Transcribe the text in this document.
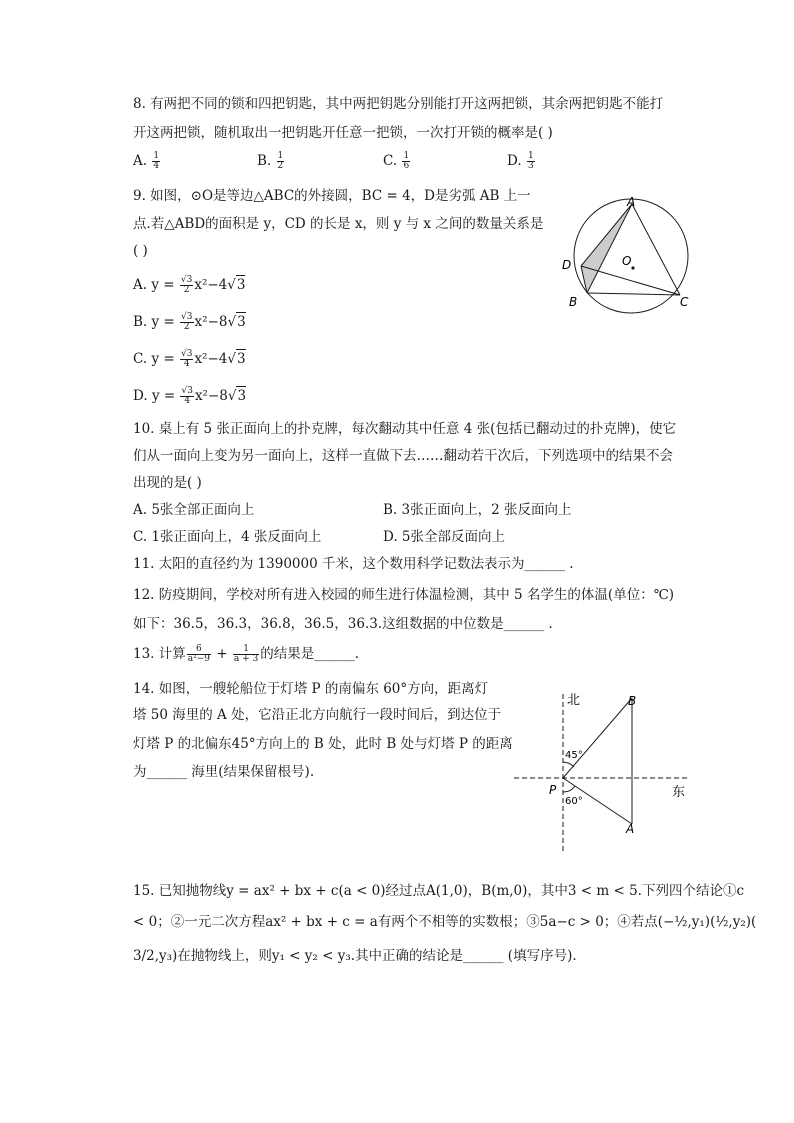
8. 有两把不同的锁和四把钥匙，其中两把钥匙分别能打开这两把锁，其余两把钥匙不能打
开这两把锁，随机取出一把钥匙开任意一把锁，一次打开锁的概率是( )
A. $\frac{1}{4}$	B. $\frac{1}{2}$	C. $\frac{1}{6}$	D. $\frac{1}{3}$
9. 如图，⊙O是等边△ABC的外接圆，BC = 4，D是劣弧 AB 上一
点.若△ABD的面积是 y，CD 的长是 x，则 y 与 x 之间的数量关系是
( )
A. $y = \frac{√3}{2} x^2-4√$ 3
B. $y = \frac{√3}{2} x^2-8√$ 3
C. $y = \frac{√3}{4} x^2-4√$ 3
D. $y = \frac{√3}{4} x^2-8√$ 3
A
D
B	C
O
10. 桌上有 5 张正面向上的扑克牌，每次翻动其中任意 4 张(包括已翻动过的扑克牌)，使它
们从一面向上变为另一面向上，这样一直做下去……翻动若干次后，下列选项中的结果不会
出现的是( )
A. 5张全部正面向上	B. 3张正面向上，2 张反面向上
C. 1张正面向上，4 张反面向上	D. 5张全部反面向上
11. 太阳的直径约为 1390000 千米，这个数用科学记数法表示为______ .
12. 防疫期间，学校对所有进入校园的师生进行体温检测，其中 5 名学生的体温(单位：℃)
如下：36.5，36.3，36.8，36.5，36.3.这组数据的中位数是______ .
13. 计算 $\frac{6}{\text{a²−9}} + \frac{1}{a + 3}$ 的结果是______.
14. 如图，一艘轮船位于灯塔 P 的南偏东 60°方向，距离灯
塔 50 海里的 A 处，它沿正北方向航行一段时间后，到达位于
灯塔 P 的北偏东45°方向上的 B 处，此时 B 处与灯塔 P 的距离
为______ 海里(结果保留根号).
北
东
P
B
A
45°
60°
15. 已知抛物线y = ax² + bx + c(a < 0)经过点A(1,0)，B(m,0)，其中3 < m < 5.下列四个结论①c
< 0；②一元二次方程ax² + bx + c = a有两个不相等的实数根；③5a−c > 0；④若点(−½,y₁)(½,y₂)(
3/2,y₃)在抛物线上，则y₁ < y₂ < y₃.其中正确的结论是______ (填写序号).
